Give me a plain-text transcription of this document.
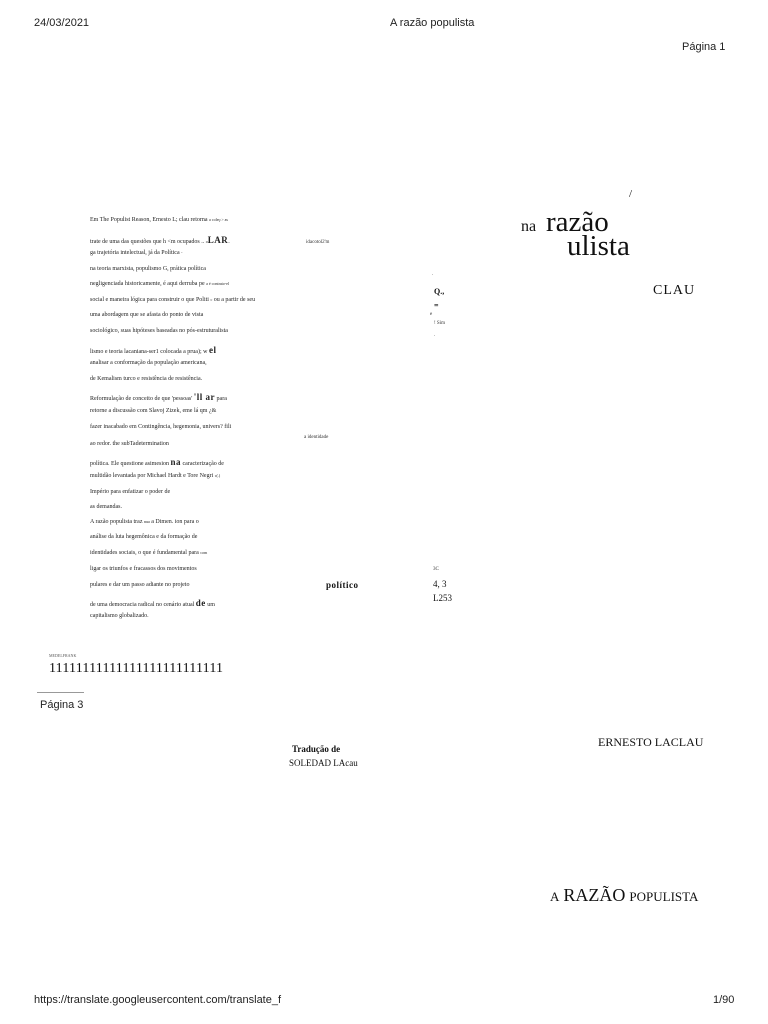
24/03/2021	A razão populista
Página 1
Em The Populist Reason, Ernesto L; clau retorna a coleç:> as
trate de uma das questões que h <m ocupados .. oLAR.
ga trajetória intelectual, já da Política -
na teoria marxista, populismo G, prática política
negligenciada historicamente, é aqui derruba pe a é contrato-el
social e maneira lógica para construir o que Politi c ou a partir de seu
uma abordagem que se afasta do ponto de vista
sociológico, suas hipóteses baseadas no pós-estruturalista
lismo e teoria lacaniana-ser1 colocada a prua); w el
analisar a conformação da população americana,
de Kemalism turco e resistência de resistência.
Reformulação de conceito de que 'pessoas' 'll ar para
retorne a discussão com Slavoj Zizek, eme lá qm ¿&
fazer inacabado em Contingência, hegemonia, univers? fili
ao redor. the subTadetermination
política. Ele questione asimesion na caracterização de
multidão levantada por Michael Hardt e Tore Negri c(.)
Império para enfatizar o poder de
as demandas.
A razão populista traz nua a Dimen. ion para o
análise da luta hegemônica e da formação de
identidades sociais, o que é fundamental para com
ligar os triunfos e fracassos dos movimentos
pulares e dar um passo adiante no projeto
de uma democracia radical no cenário atual de um
capitalismo globalizado.
idacotol2'm
a identidade
/
na razão
ulista
CLAU
.
Q.,
=
e
! Sim
.
político
3C
4, 3
L253
MEDELFRANK
11111111111111111111111111
Página 3
ERNESTO LACLAU
Tradução de
SOLEDAD LAcau
A RAZÃO POPULISTA
https://translate.googleusercontent.com/translate_f	1/90
